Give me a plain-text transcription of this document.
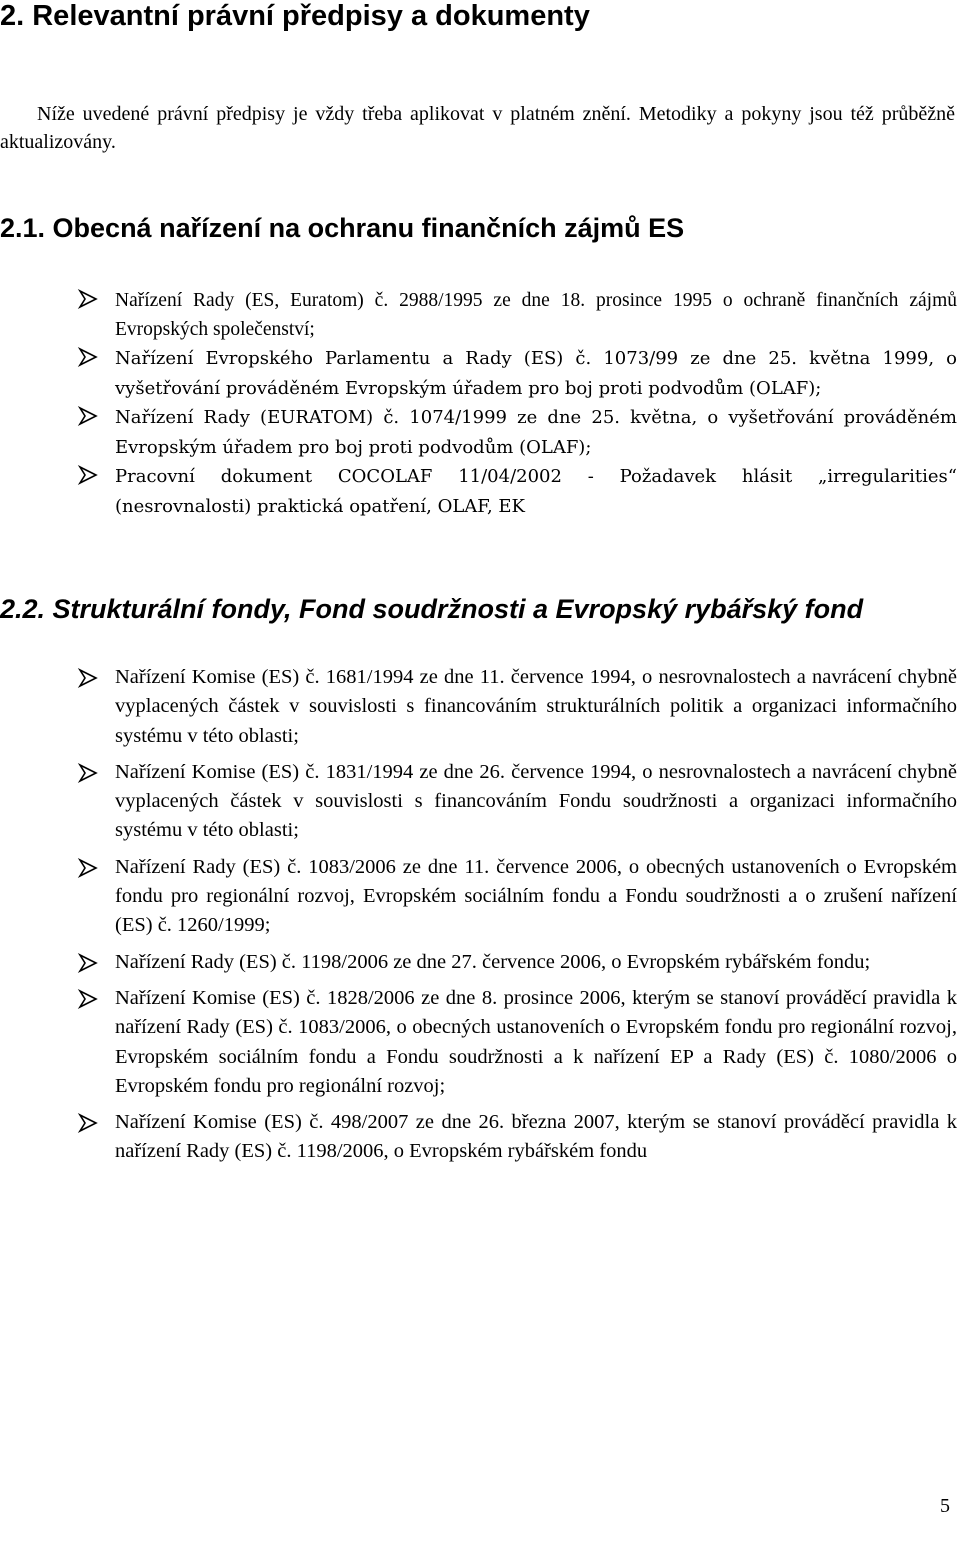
2. Relevantní právní předpisy a dokumenty

Níže uvedené právní předpisy je vždy třeba aplikovat v platném znění. Metodiky a pokyny jsou též průběžně aktualizovány.

2.1. Obecná nařízení na ochranu finančních zájmů ES
Nařízení Rady (ES, Euratom) č. 2988/1995 ze dne 18. prosince 1995 o ochraně finančních zájmů Evropských společenství;
Nařízení Evropského Parlamentu a Rady (ES) č. 1073/99 ze dne 25. května 1999, o vyšetřování prováděném Evropským úřadem pro boj proti podvodům (OLAF);
Nařízení Rady (EURATOM) č. 1074/1999 ze dne 25. května, o vyšetřování prováděném Evropským úřadem pro boj proti podvodům (OLAF);
Pracovní dokument COCOLAF 11/04/2002 - Požadavek hlásit „irregularities“ (nesrovnalosti) praktická opatření, OLAF, EK
2.2. Strukturální fondy, Fond soudržnosti a Evropský rybářský fond
Nařízení Komise (ES) č. 1681/1994 ze dne 11. července 1994, o nesrovnalostech a navrácení chybně vyplacených částek v souvislosti s financováním strukturálních politik a organizaci informačního systému v této oblasti;
Nařízení Komise (ES) č. 1831/1994 ze dne 26. července 1994, o nesrovnalostech a navrácení chybně vyplacených částek v souvislosti s financováním Fondu soudržnosti a organizaci informačního systému v této oblasti;
Nařízení Rady (ES) č. 1083/2006 ze dne 11. července 2006, o obecných ustanoveních o Evropském fondu pro regionální rozvoj, Evropském sociálním fondu a Fondu soudržnosti a o zrušení nařízení (ES) č. 1260/1999;
Nařízení Rady (ES) č. 1198/2006 ze dne 27. července 2006, o Evropském rybářském fondu;
Nařízení Komise (ES) č. 1828/2006 ze dne 8. prosince 2006, kterým se stanoví prováděcí pravidla k nařízení Rady (ES) č. 1083/2006, o obecných ustanoveních o Evropském fondu pro regionální rozvoj, Evropském sociálním fondu a Fondu soudržnosti a k nařízení EP a Rady (ES) č. 1080/2006 o Evropském fondu pro regionální rozvoj;
Nařízení Komise (ES) č. 498/2007 ze dne 26. března 2007, kterým se stanoví prováděcí pravidla k nařízení Rady (ES) č. 1198/2006, o Evropském rybářském fondu

5
